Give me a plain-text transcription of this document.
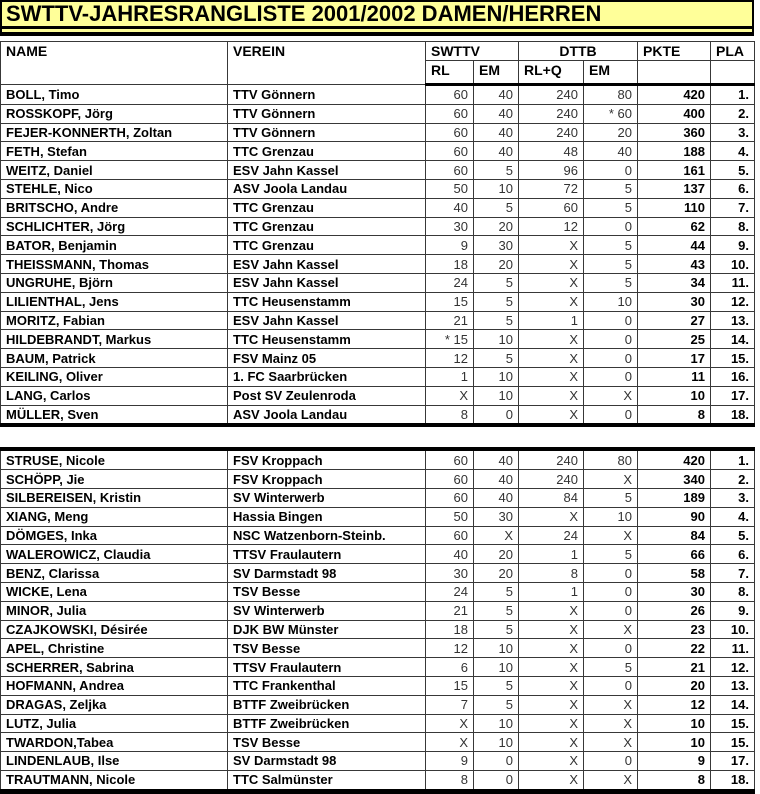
SWTTV-JAHRESRANGLISTE 2001/2002 DAMEN/HERREN
NAME	VEREIN	SWTTV		DTTB		PKTE	PLA
		RL	EM	RL+Q	EM		
BOLL, Timo	TTV Gönnern	60	40	240	80	420	1.
ROSSKOPF, Jörg	TTV Gönnern	60	40	240	* 60	400	2.
FEJER-KONNERTH, Zoltan	TTV Gönnern	60	40	240	20	360	3.
FETH, Stefan	TTC Grenzau	60	40	48	40	188	4.
WEITZ, Daniel	ESV Jahn Kassel	60	5	96	0	161	5.
STEHLE, Nico	ASV Joola Landau	50	10	72	5	137	6.
BRITSCHO, Andre	TTC Grenzau	40	5	60	5	110	7.
SCHLICHTER, Jörg	TTC Grenzau	30	20	12	0	62	8.
BATOR, Benjamin	TTC Grenzau	9	30	X	5	44	9.
THEISSMANN, Thomas	ESV Jahn Kassel	18	20	X	5	43	10.
UNGRUHE, Björn	ESV Jahn Kassel	24	5	X	5	34	11.
LILIENTHAL, Jens	TTC Heusenstamm	15	5	X	10	30	12.
MORITZ, Fabian	ESV Jahn Kassel	21	5	1	0	27	13.
HILDEBRANDT, Markus	TTC Heusenstamm	* 15	10	X	0	25	14.
BAUM, Patrick	FSV Mainz 05	12	5	X	0	17	15.
KEILING, Oliver	1. FC Saarbrücken	1	10	X	0	11	16.
LANG, Carlos	Post SV Zeulenroda	X	10	X	X	10	17.
MÜLLER, Sven	ASV Joola Landau	8	0	X	0	8	18.
STRUSE, Nicole	FSV Kroppach	60	40	240	80	420	1.
SCHÖPP, Jie	FSV Kroppach	60	40	240	X	340	2.
SILBEREISEN, Kristin	SV Winterwerb	60	40	84	5	189	3.
XIANG, Meng	Hassia Bingen	50	30	X	10	90	4.
DÖMGES, Inka	NSC Watzenborn-Steinb.	60	X	24	X	84	5.
WALEROWICZ, Claudia	TTSV Fraulautern	40	20	1	5	66	6.
BENZ, Clarissa	SV Darmstadt 98	30	20	8	0	58	7.
WICKE, Lena	TSV Besse	24	5	1	0	30	8.
MINOR, Julia	SV Winterwerb	21	5	X	0	26	9.
CZAJKOWSKI, Désirée	DJK BW Münster	18	5	X	X	23	10.
APEL, Christine	TSV Besse	12	10	X	0	22	11.
SCHERRER, Sabrina	TTSV Fraulautern	6	10	X	5	21	12.
HOFMANN, Andrea	TTC Frankenthal	15	5	X	0	20	13.
DRAGAS, Zeljka	BTTF Zweibrücken	7	5	X	X	12	14.
LUTZ, Julia	BTTF Zweibrücken	X	10	X	X	10	15.
TWARDON,Tabea	TSV Besse	X	10	X	X	10	15.
LINDENLAUB, Ilse	SV Darmstadt 98	9	0	X	0	9	17.
TRAUTMANN, Nicole	TTC Salmünster	8	0	X	X	8	18.
